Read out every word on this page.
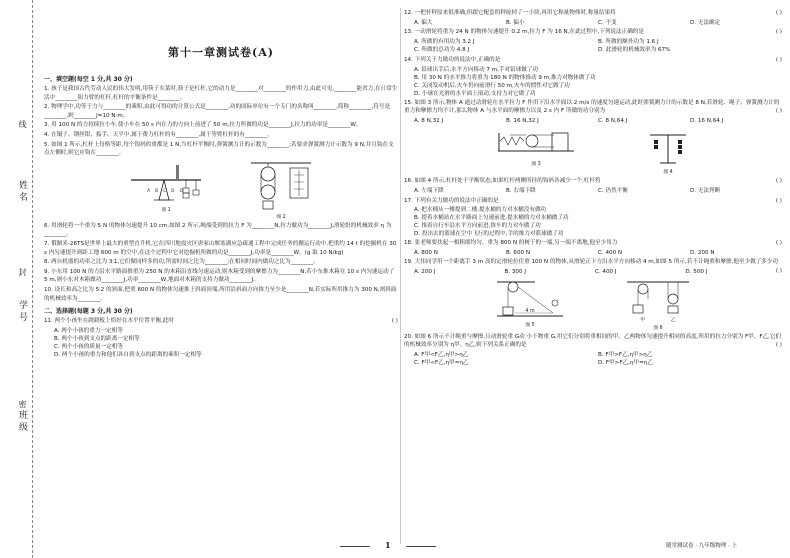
线
封
密
姓名
学号
班级
第十一章测试卷(A)
一、填空题(每空 1 分,共 30 分)
1. 孩子是我国古代劳动人民的伟大发明,用筷子夹菜时,筷子是杠杆,它的动力是________对________的作用力,由此可见,________能省力,在日常生活中________阻力臂的杠杆,杠杆的平衡条件是________。
2. 物理学中,功等于力与________的乘积,由此可得功的计算公式是________,功的国际单位有一个专门的名称叫________,简称________,符号是________,则________J=10 N·m。
3. 用 100 N 的力持续拉小车,使小车在 50 s 内在力的方向上前进了 50 m,拉力所做的功是________J,拉力的功率是________W。
4. 在镊子、钢丝钳、扳手、天平中,属于费力杠杆的有________,属于等臂杠杆的有________。
5. 如图 1 所示,杠杆上每格等距,每个钩码的重都是 1 N,当杠杆平衡时,弹簧测力计的示数为________;若要求弹簧测力计示数为 9 N,并且钩在支点左侧时,则它应钩在________。
A B C D O
图 1
图 2
6. 用滑轮将一个重为 5 N 的物体匀速提升 10 cm,如图 2 所示,绳端受到的拉力 F 为________N,拉力做功为________J,滑轮组的机械效率 η 为________。
7. 俄制米-26TS是世界上最大的重型直升机,它在四川地震灾区唐家山堰塞湖应急疏通工程中完成任务的搬运行动中,把重约 14 t 的挖掘机在 30 s 内匀速提升到距工地 600 m 的空中,在这个过程中它对挖掘机所做的功是________J,功率是________W。(g 取 10 N/kg)
8. 两台机器的功率之比为 3∶1,它们做同样多的功,所需时间之比为________;在相同时间内做功之比为________。
9. 小东用 100 N 的力沿水平路面推重为 250 N 的木箱沿直线匀速运动,则木箱受到的摩擦力为________N,若小东推木箱在 10 s 内匀速运动了 5 m,则小东对木箱做功________J,功率________W,地面对木箱的支持力做功________J。
10. 设长和高之比为 5∶2 的斜面,把重 600 N 的物体匀速推上斜面顶端,所用沿斜面方向推力至少是________N,若实际所用推力为 300 N,则斜面的机械效率为________。
二、选择题(每题 3 分,共 30 分)
11. 两个小孩坐在跷跷板上恰好在水平位置平衡,此时	( )
A. 两个小孩的重力一定相等
B. 两个小孩到支点的距离一定相等
C. 两个小孩的质量一定相等
D. 两个小孩的重力和他们各自到支点的距离的乘积一定相等
12. 一把杆秤原来很准确,但跟它配套的秤砣掉了一小块,再用它称量物体时,称量结果将	( )
A. 偏大	B. 偏小	C. 不变	D. 无法确定
13. 一动滑轮将重为 24 N 的物体匀速提升 0.2 m,拉力 F 为 16 N,在此过程中,下列说法正确的是	( )
A. 所做的有用功为 3.2 J	B. 所做的额外功为 1.6 J
C. 所做的总功为 4.8 J	D. 此滑轮的机械效率为 67%
14. 下列关于力做功的说法中,正确的是	( )
A. 铅球出手后,水平方向移动 7 m,手对铅球做了功
B. 用 30 N 的水平推力将重为 180 N 的物体推动 9 m,推力对物体做了功
C. 关闭发动机后,火车仍向前滑行 50 m,火车的惯性对它做了功
D. 小球在光滑的水平面上滚动,支持力对它做了功
15. 如图 3 所示,物体 A 通过动滑轮在水平拉力 F 作用下沿水平面以 2 m/s 的速度匀速运动,此时弹簧测力计的示数是 8 N,若滑轮、绳子、弹簧测力计的重力和摩擦力均不计,那么物体 A 与水平面的摩擦力以及 2 s 内 F 所做的功分别为	( )
A. 8 N,32 J	B. 16 N,32 J	C. 8 N,64 J	D. 16 N,64 J
图 3
图 4
16. 如图 4 所示,杠杆处于平衡状态,如果杠杆两侧所挂的钩码各减少一个,杠杆将	( )
A. 左端下降	B. 右端下降	C. 仍然平衡	D. 无法判断
17. 下列有关力做功的说法中正确的是	( )
A. 把水桶从一楼提到二楼,提水桶的力对水桶没有做功
B. 提着水桶站在水平路面上匀速前进,提水桶的力对水桶做了功
C. 推着自行车沿水平方向前进,推车的力对车做了功
D. 投出去的篮球在空中飞行的过程中,手的推力对篮球做了功
18. 张老师要扶起一根粗细均匀、重为 800 N 的树干的一端,另一端不离地,他至少用力	( )
A. 800 N	B. 600 N	C. 400 N	D. 200 N
19. 大伟同学用一个距离手 3 m 高的定滑轮拉住重 100 N 的物体,从滑轮正下方沿水平方向移动 4 m,如图 5 所示,若不计绳重和摩擦,他至少做了多少功
( )
A. 200 J	B. 300 J	C. 400 J	D. 500 J
4 m
图 5
甲	乙
图 6
20. 如图 6 所示不计绳重与摩擦,且动滑轮重 G动 小于物重 G,用它们分别将重相同的甲、乙两物体匀速提升相同的高度,所用的拉力分别为 F甲、F乙,它们的机械效率分别为 η甲、η乙,则下列关系正确的是	( )
A. F甲<F乙,η甲>η乙	B. F甲>F乙,η甲>η乙
C. F甲<F乙,η甲=η乙	D. F甲>F乙,η甲=η乙
1	随堂测试卷 · 九年级物理 · 上
